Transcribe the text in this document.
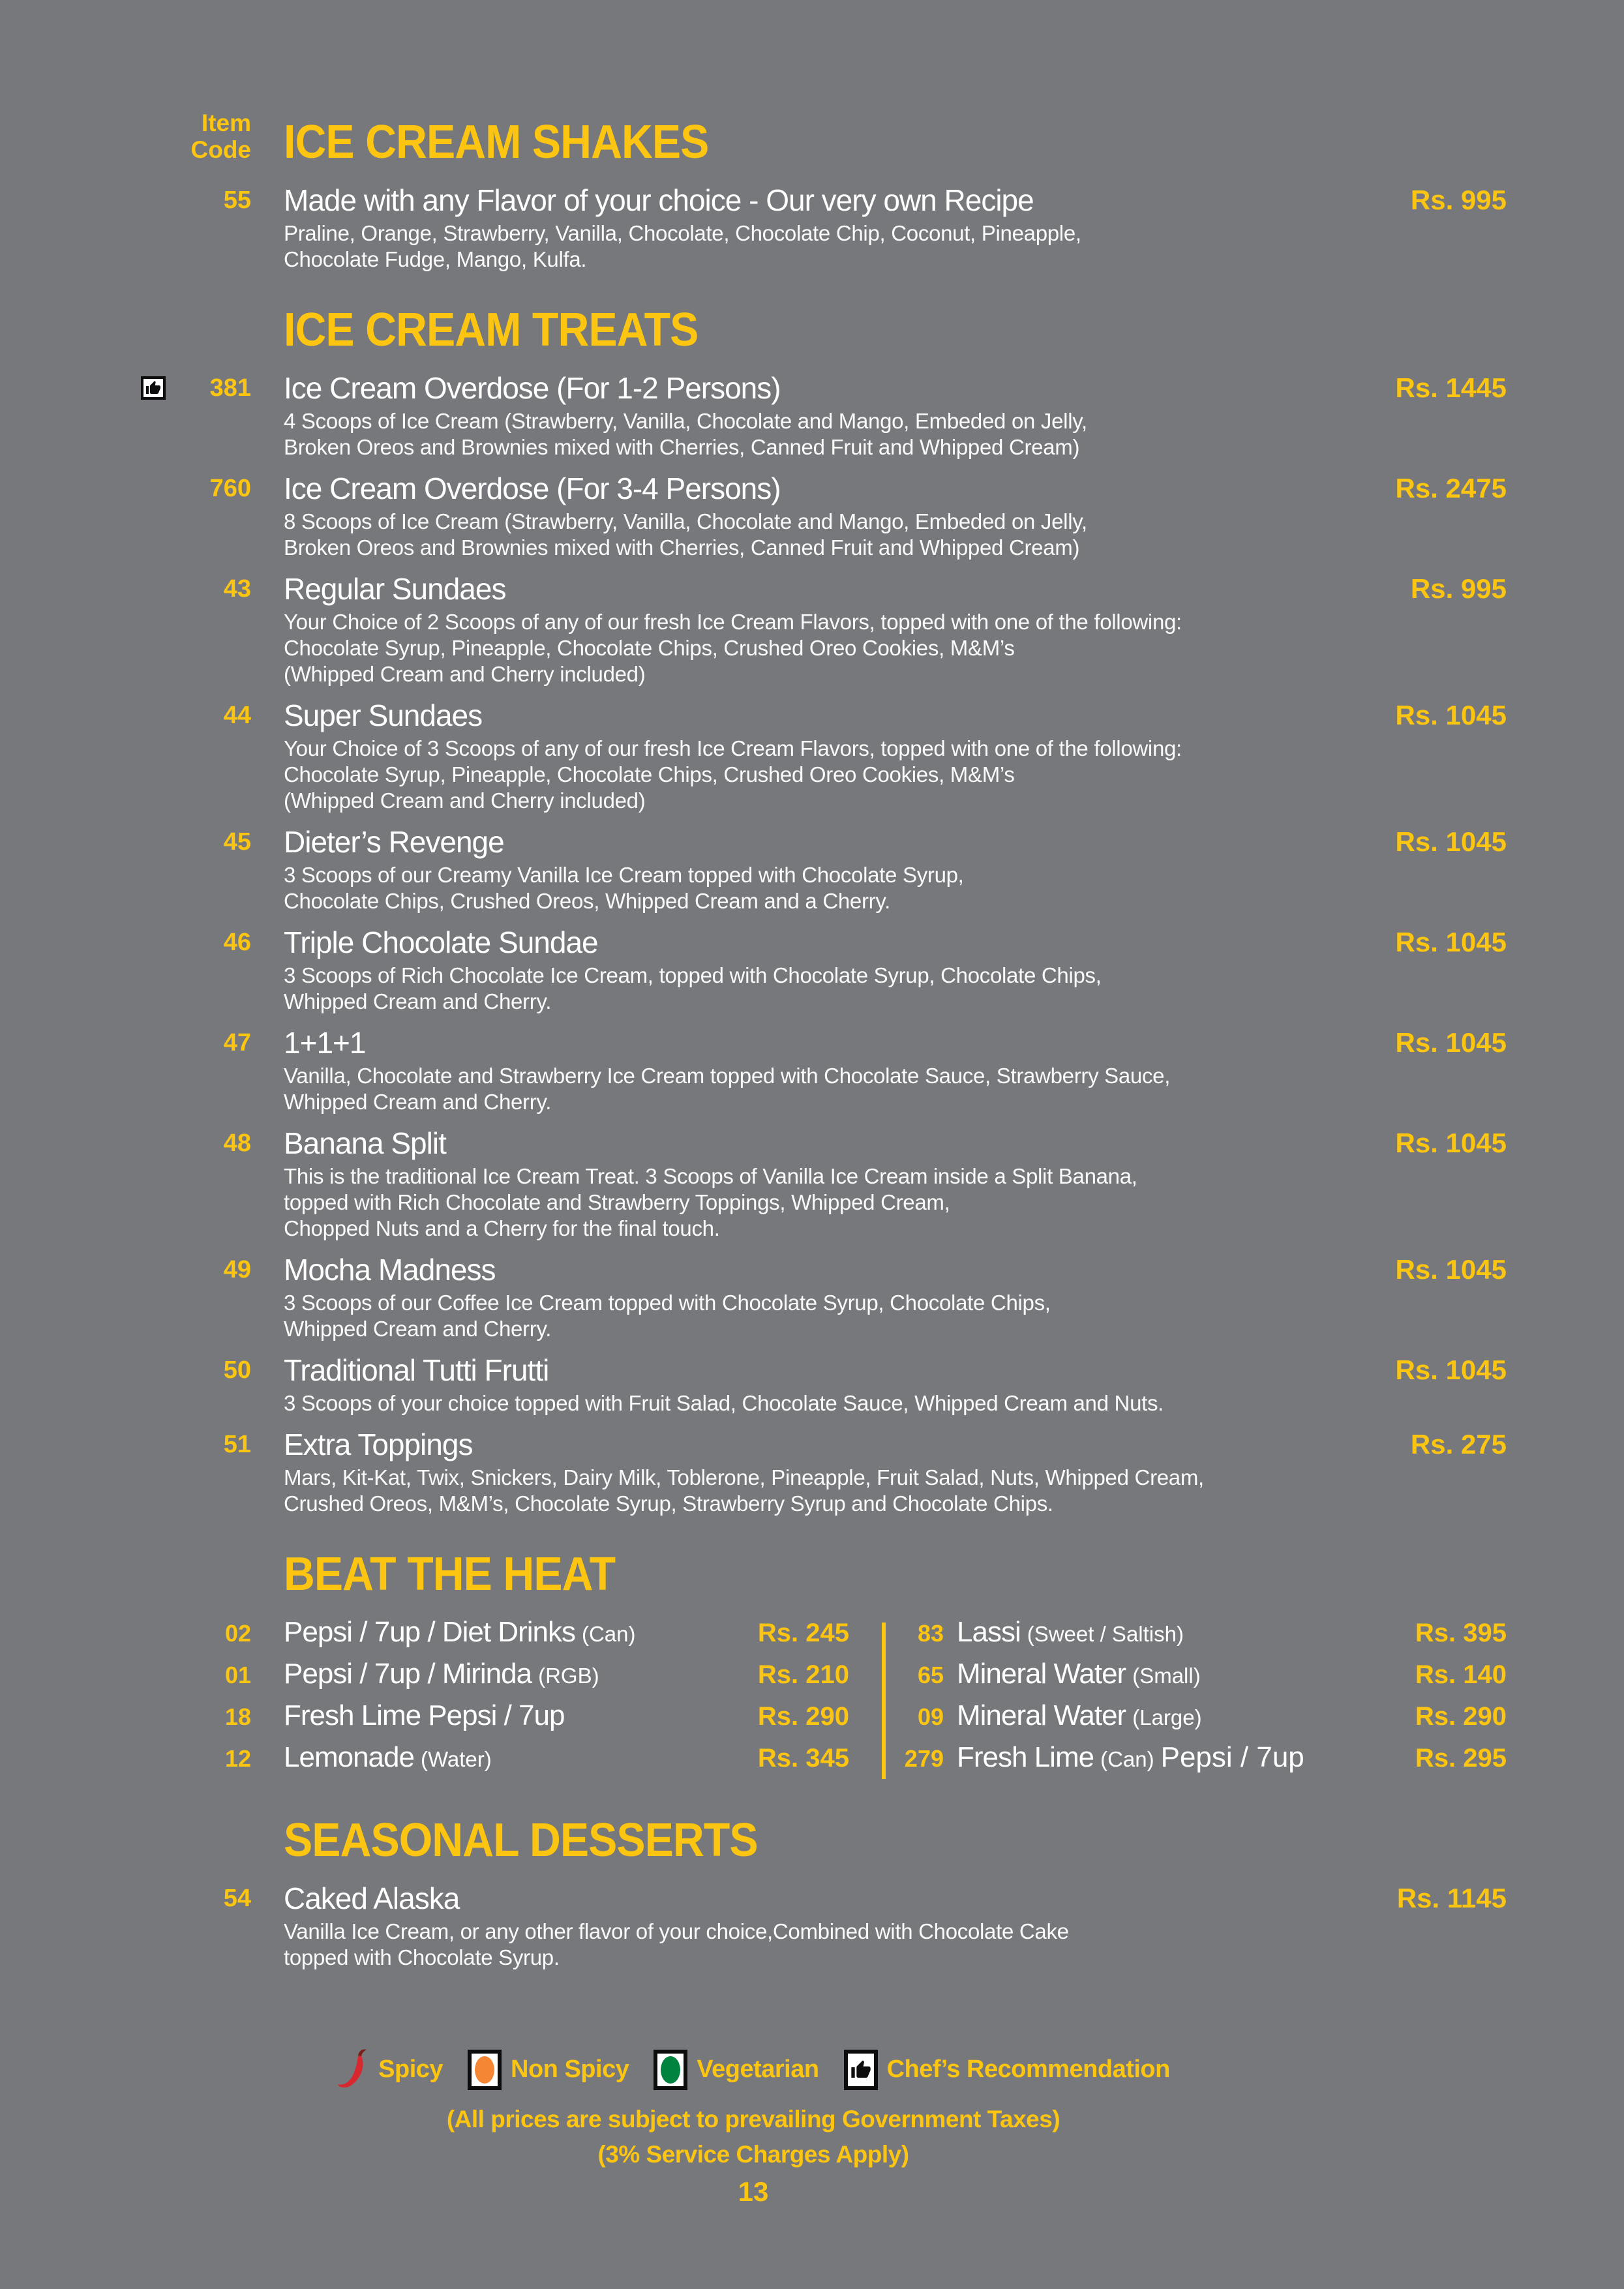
Item
Code ICE CREAM SHAKES
55 Made with any Flavor of your choice - Our very own Recipe
Praline, Orange, Strawberry, Vanilla, Chocolate, Chocolate Chip, Coconut, Pineapple,
Chocolate Fudge, Mango, Kulfa.
Rs. 995
ICE CREAM TREATS
381 Ice Cream Overdose (For 1-2 Persons)
4 Scoops of Ice Cream (Strawberry, Vanilla, Chocolate and Mango, Embeded on Jelly,
Broken Oreos and Brownies mixed with Cherries, Canned Fruit and Whipped Cream)
Rs. 1445
760 Ice Cream Overdose (For 3-4 Persons)
8 Scoops of Ice Cream (Strawberry, Vanilla, Chocolate and Mango, Embeded on Jelly,
Broken Oreos and Brownies mixed with Cherries, Canned Fruit and Whipped Cream)
Rs. 2475
43 Regular Sundaes
Your Choice of 2 Scoops of any of our fresh Ice Cream Flavors, topped with one of the following:
Chocolate Syrup, Pineapple, Chocolate Chips, Crushed Oreo Cookies, M&M’s
(Whipped Cream and Cherry included)
Rs. 995
44 Super Sundaes
Your Choice of 3 Scoops of any of our fresh Ice Cream Flavors, topped with one of the following:
Chocolate Syrup, Pineapple, Chocolate Chips, Crushed Oreo Cookies, M&M’s
(Whipped Cream and Cherry included)
Rs. 1045
45 Dieter’s Revenge
3 Scoops of our Creamy Vanilla Ice Cream topped with Chocolate Syrup,
Chocolate Chips, Crushed Oreos, Whipped Cream and a Cherry.
Rs. 1045
46 Triple Chocolate Sundae
3 Scoops of Rich Chocolate Ice Cream, topped with Chocolate Syrup, Chocolate Chips,
Whipped Cream and Cherry.
Rs. 1045
47 1+1+1
Vanilla, Chocolate and Strawberry Ice Cream topped with Chocolate Sauce, Strawberry Sauce,
Whipped Cream and Cherry.
Rs. 1045
48 Banana Split
This is the traditional Ice Cream Treat. 3 Scoops of Vanilla Ice Cream inside a Split Banana,
topped with Rich Chocolate and Strawberry Toppings, Whipped Cream,
Chopped Nuts and a Cherry for the final touch.
Rs. 1045
49 Mocha Madness
3 Scoops of our Coffee Ice Cream topped with Chocolate Syrup, Chocolate Chips,
Whipped Cream and Cherry.
Rs. 1045
50 Traditional Tutti Frutti
3 Scoops of your choice topped with Fruit Salad, Chocolate Sauce, Whipped Cream and Nuts.
Rs. 1045
51 Extra Toppings
Mars, Kit-Kat, Twix, Snickers, Dairy Milk, Toblerone, Pineapple, Fruit Salad, Nuts, Whipped Cream,
Crushed Oreos, M&M’s, Chocolate Syrup, Strawberry Syrup and Chocolate Chips.
Rs. 275
BEAT THE HEAT
02 Pepsi / 7up / Diet Drinks (Can)	Rs. 245
01 Pepsi / 7up / Mirinda (RGB)	Rs. 210
18 Fresh Lime Pepsi / 7up	Rs. 290
12 Lemonade (Water)	Rs. 345
83 Lassi (Sweet / Saltish)	Rs. 395
65 Mineral Water (Small)	Rs. 140
09 Mineral Water (Large)	Rs. 290
279 Fresh Lime (Can) Pepsi / 7up	Rs. 295
SEASONAL DESSERTS
54 Caked Alaska
Vanilla Ice Cream, or any other flavor of your choice,Combined with Chocolate Cake
topped with Chocolate Syrup.
Rs. 1145
Spicy	Non Spicy	Vegetarian	Chef’s Recommendation
(All prices are subject to prevailing Government Taxes)
(3% Service Charges Apply)
13
